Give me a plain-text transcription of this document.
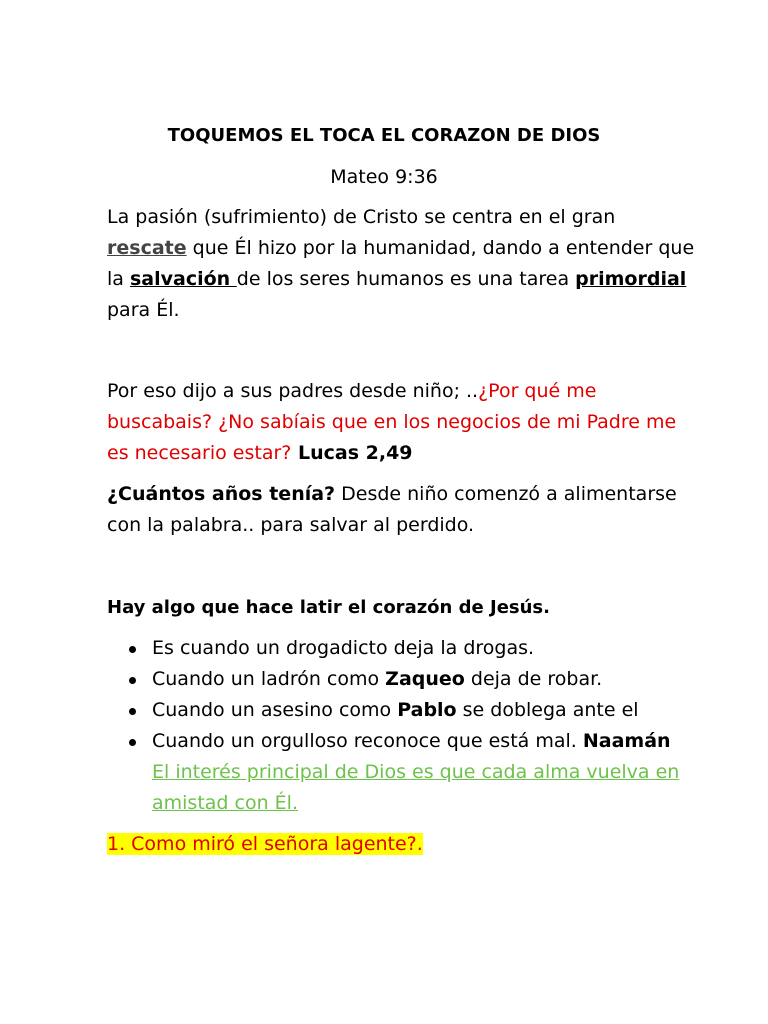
TOQUEMOS EL TOCA EL CORAZON DE DIOS
Mateo 9:36
La pasión (sufrimiento) de Cristo se centra en el gran rescate que Él hizo por la humanidad, dando a entender que la salvación de los seres humanos es una tarea primordial para Él.
Por eso dijo a sus padres desde niño; ..¿Por qué me buscabais? ¿No sabíais que en los negocios de mi Padre me es necesario estar? Lucas 2,49
¿Cuántos años tenía? Desde niño comenzó a alimentarse con la palabra.. para salvar al perdido.
Hay algo que hace latir el corazón de Jesús.
Es cuando un drogadicto deja la drogas.
Cuando un ladrón como Zaqueo deja de robar.
Cuando un asesino como Pablo se doblega ante el
Cuando un orgulloso reconoce que está mal. Naamán
El interés principal de Dios es que cada alma vuelva en amistad con Él.
1. Como miró el señora lagente?.
